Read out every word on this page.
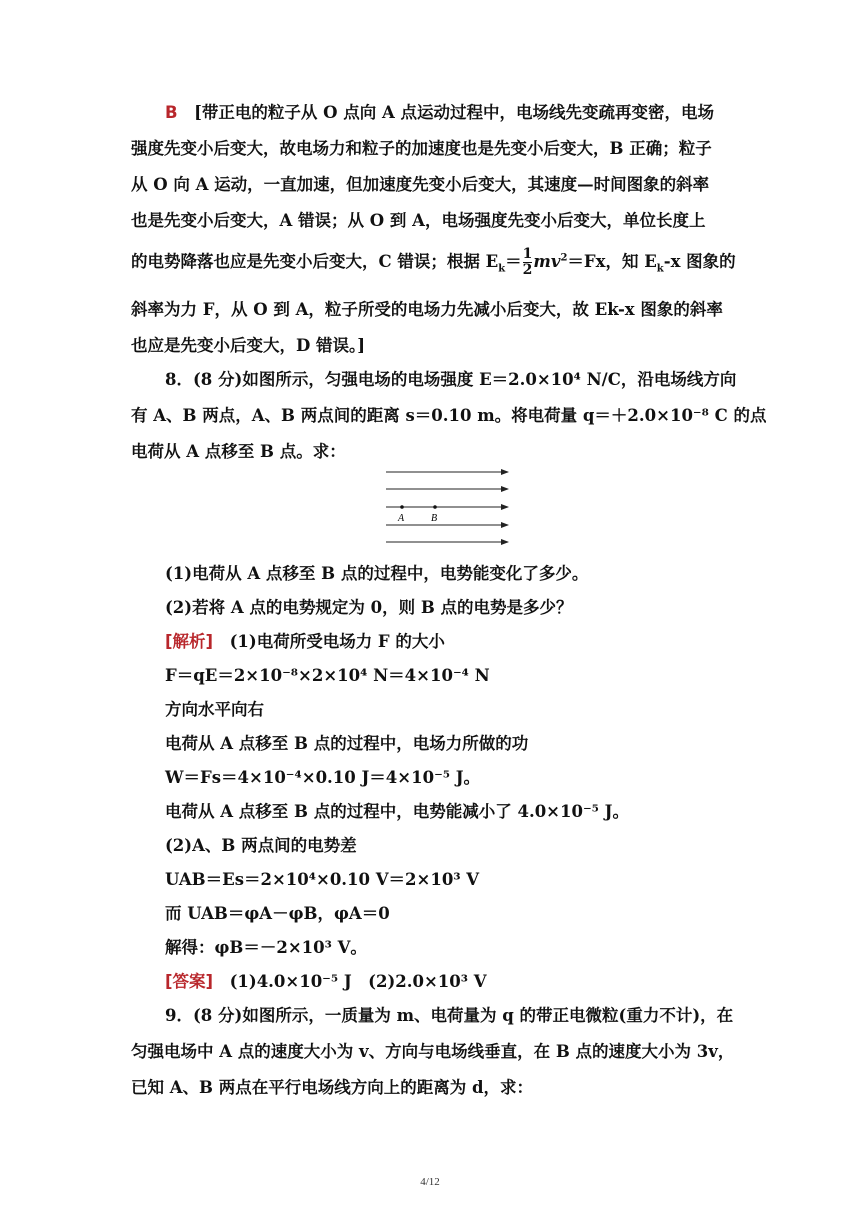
B　 [带正电的粒子从 O 点向 A 点运动过程中，电场线先变疏再变密，电场
强度先变小后变大，故电场力和粒子的加速度也是先变小后变大，B 正确；粒子
从 O 向 A 运动，一直加速，但加速度先变小后变大，其速度—时间图象的斜率
也是先变小后变大，A 错误；从 O 到 A，电场强度先变小后变大，单位长度上
的电势降落也应是先变小后变大，C 错误；根据 $E_k= \frac{1}{2} mv^2=Fx$，知 $E_k-x$ 图象的
斜率为力 F，从 O 到 A，粒子所受的电场力先减小后变大，故 Ek-x 图象的斜率
也应是先变小后变大，D 错误。]
8．(8 分)如图所示，匀强电场的电场强度 E＝2.0×10⁴ N/C，沿电场线方向
有 A、B 两点，A、B 两点间的距离 s＝0.10 m。将电荷量 q＝＋2.0×10⁻⁸ C 的点
电荷从 A 点移至 B 点。求：
A	B
(1)电荷从 A 点移至 B 点的过程中，电势能变化了多少。
(2)若将 A 点的电势规定为 0，则 B 点的电势是多少？
[解析]　 (1)电荷所受电场力 F 的大小
F＝qE＝2×10⁻⁸×2×10⁴ N＝4×10⁻⁴ N
方向水平向右
电荷从 A 点移至 B 点的过程中，电场力所做的功
W＝Fs＝4×10⁻⁴×0.10 J＝4×10⁻⁵ J。
电荷从 A 点移至 B 点的过程中，电势能减小了 4.0×10⁻⁵ J。
(2)A、B 两点间的电势差
UAB＝Es＝2×10⁴×0.10 V＝2×10³ V
而 UAB＝φA－φB，φA＝0
解得：φB＝－2×10³ V。
[答案]　 (1)4.0×10⁻⁵ J　(2)2.0×10³ V
9．(8 分)如图所示，一质量为 m、电荷量为 q 的带正电微粒(重力不计)，在
匀强电场中 A 点的速度大小为 v、方向与电场线垂直，在 B 点的速度大小为 3v，
已知 A、B 两点在平行电场线方向上的距离为 d，求：
4/12
